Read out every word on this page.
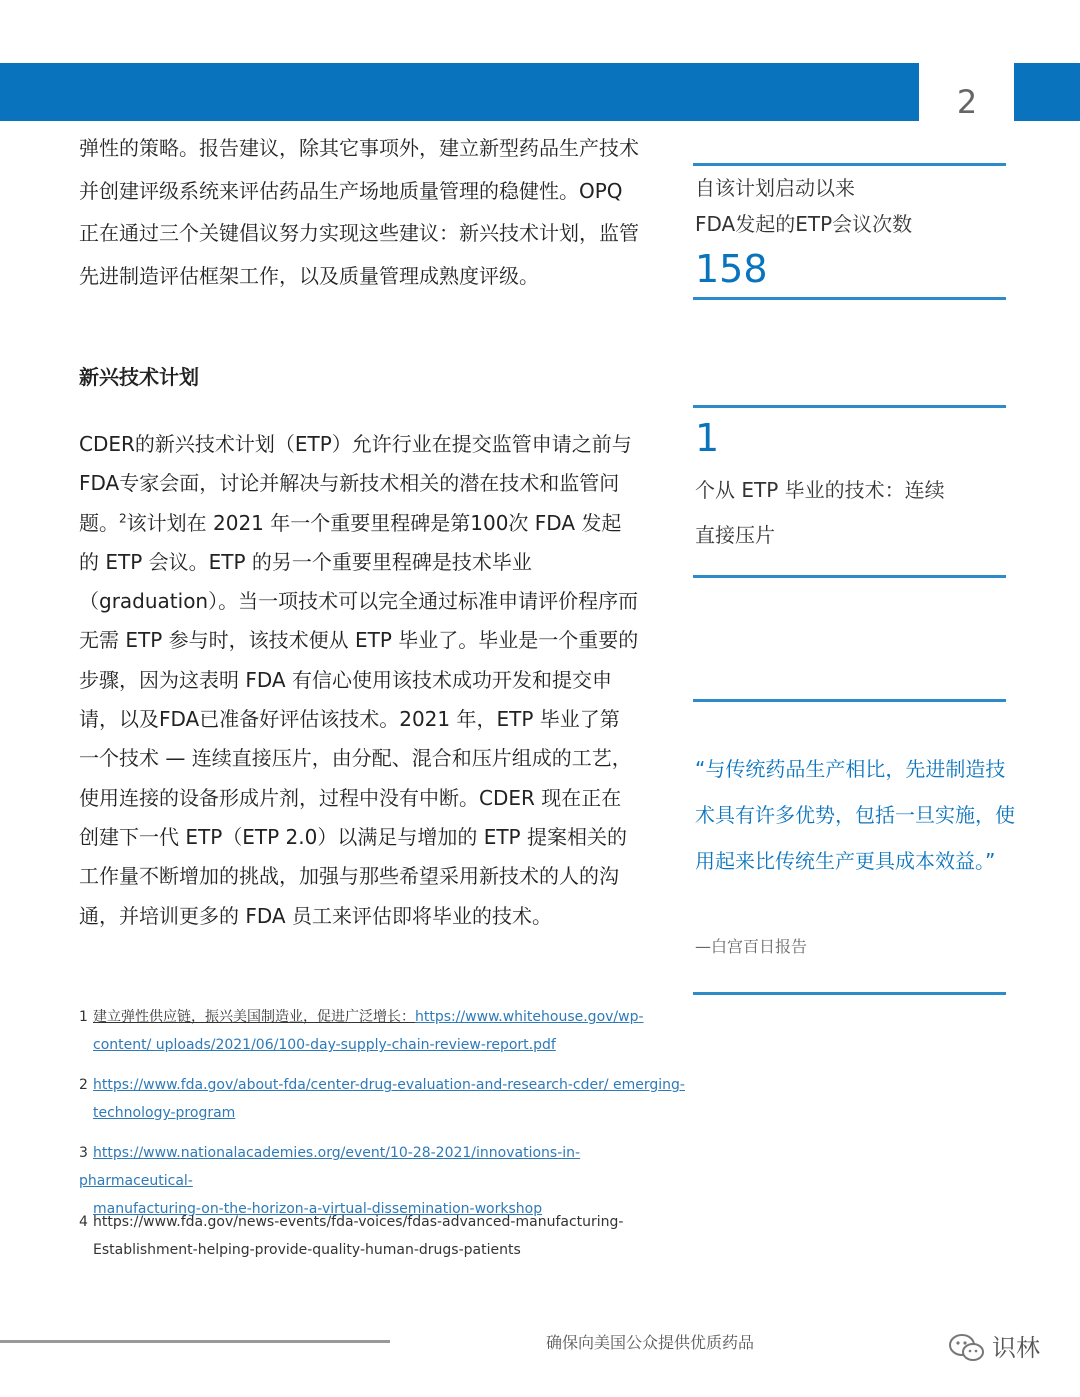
2
弹性的策略。报告建议，除其它事项外，建立新型药品生产技术并创建评级系统来评估药品生产场地质量管理的稳健性。OPQ 正在通过三个关键倡议努力实现这些建议：新兴技术计划，监管先进制造评估框架工作，以及质量管理成熟度评级。
新兴技术计划
CDER的新兴技术计划（ETP）允许行业在提交监管申请之前与FDA专家会面，讨论并解决与新技术相关的潜在技术和监管问题。$^2$该计划在 2021 年一个重要里程碑是第100次 FDA 发起的 ETP 会议。ETP 的另一个重要里程碑是技术毕业（graduation）。当一项技术可以完全通过标准申请评价程序而无需 ETP 参与时，该技术便从 ETP 毕业了。毕业是一个重要的步骤，因为这表明 FDA 有信心使用该技术成功开发和提交申请，以及FDA已准备好评估该技术。2021 年，ETP 毕业了第一个技术 — 连续直接压片，由分配、混合和压片组成的工艺，使用连接的设备形成片剂，过程中没有中断。CDER 现在正在创建下一代 ETP（ETP 2.0）以满足与增加的 ETP 提案相关的工作量不断增加的挑战，加强与那些希望采用新技术的人的沟通，并培训更多的 FDA 员工来评估即将毕业的技术。
自该计划启动以来
FDA发起的ETP会议次数
158
1
个从 ETP 毕业的技术：连续
直接压片
“与传统药品生产相比，先进制造技术具有许多优势，包括一旦实施，使用起来比传统生产更具成本效益。”
—白宫百日报告
1 建立弹性供应链，振兴美国制造业，促进广泛增长：https://www.whitehouse.gov/wp-
content/ uploads/2021/06/100-day-supply-chain-review-report.pdf
2 https://www.fda.gov/about-fda/center-drug-evaluation-and-research-cder/ emerging-
technology-program
3 https://www.nationalacademies.org/event/10-28-2021/innovations-in-pharmaceutical-
manufacturing-on-the-horizon-a-virtual-dissemination-workshop
4 https://www.fda.gov/news-events/fda-voices/fdas-advanced-manufacturing-
Establishment-helping-provide-quality-human-drugs-patients
确保向美国公众提供优质药品	识林
